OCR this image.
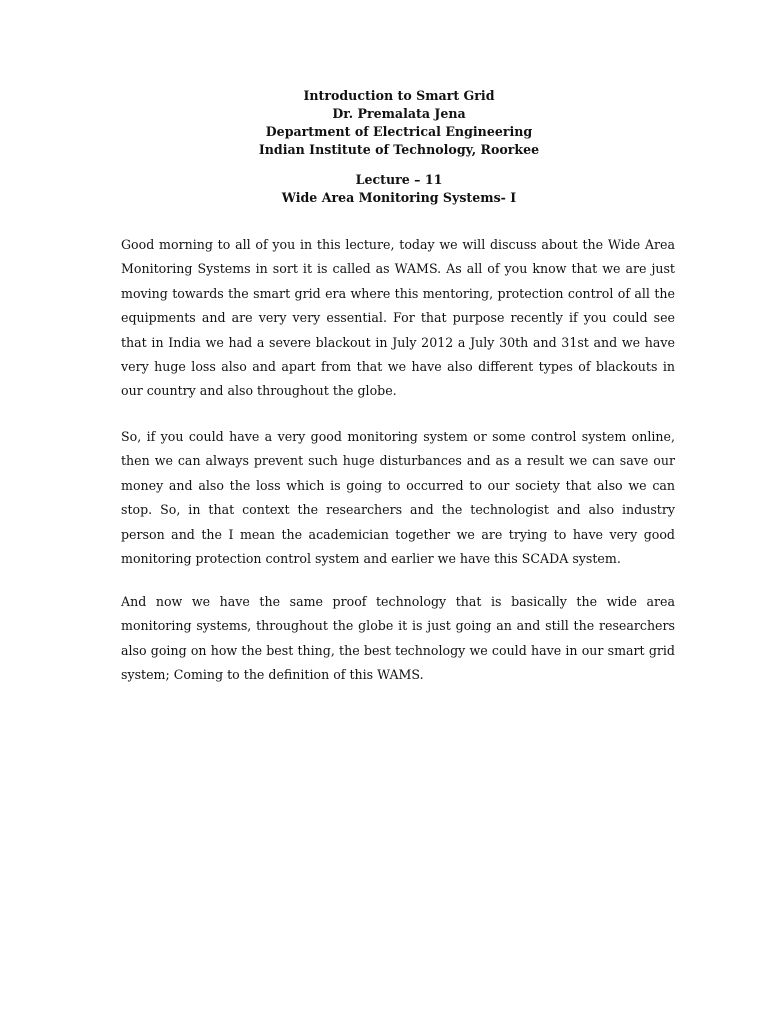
Introduction to Smart Grid
Dr. Premalata Jena
Department of Electrical Engineering
Indian Institute of Technology, Roorkee
Lecture – 11
Wide Area Monitoring Systems- I

Good morning to all of you in this lecture, today we will discuss about the Wide Area Monitoring Systems in sort it is called as WAMS. As all of you know that we are just moving towards the smart grid era where this mentoring, protection control of all the equipments and are very very essential. For that purpose recently if you could see that in India we had a severe blackout in July 2012 a July 30th and 31st and we have very huge loss also and apart from that we have also different types of blackouts in our country and also throughout the globe.

So, if you could have a very good monitoring system or some control system online, then we can always prevent such huge disturbances and as a result we can save our money and also the loss which is going to occurred to our society that also we can stop. So, in that context the researchers and the technologist and also industry person and the I mean the academician together we are trying to have very good monitoring protection control system and earlier we have this SCADA system.

And now we have the same proof technology that is basically the wide area monitoring systems, throughout the globe it is just going an and still the researchers also going on how the best thing, the best technology we could have in our smart grid system; Coming to the definition of this WAMS.
